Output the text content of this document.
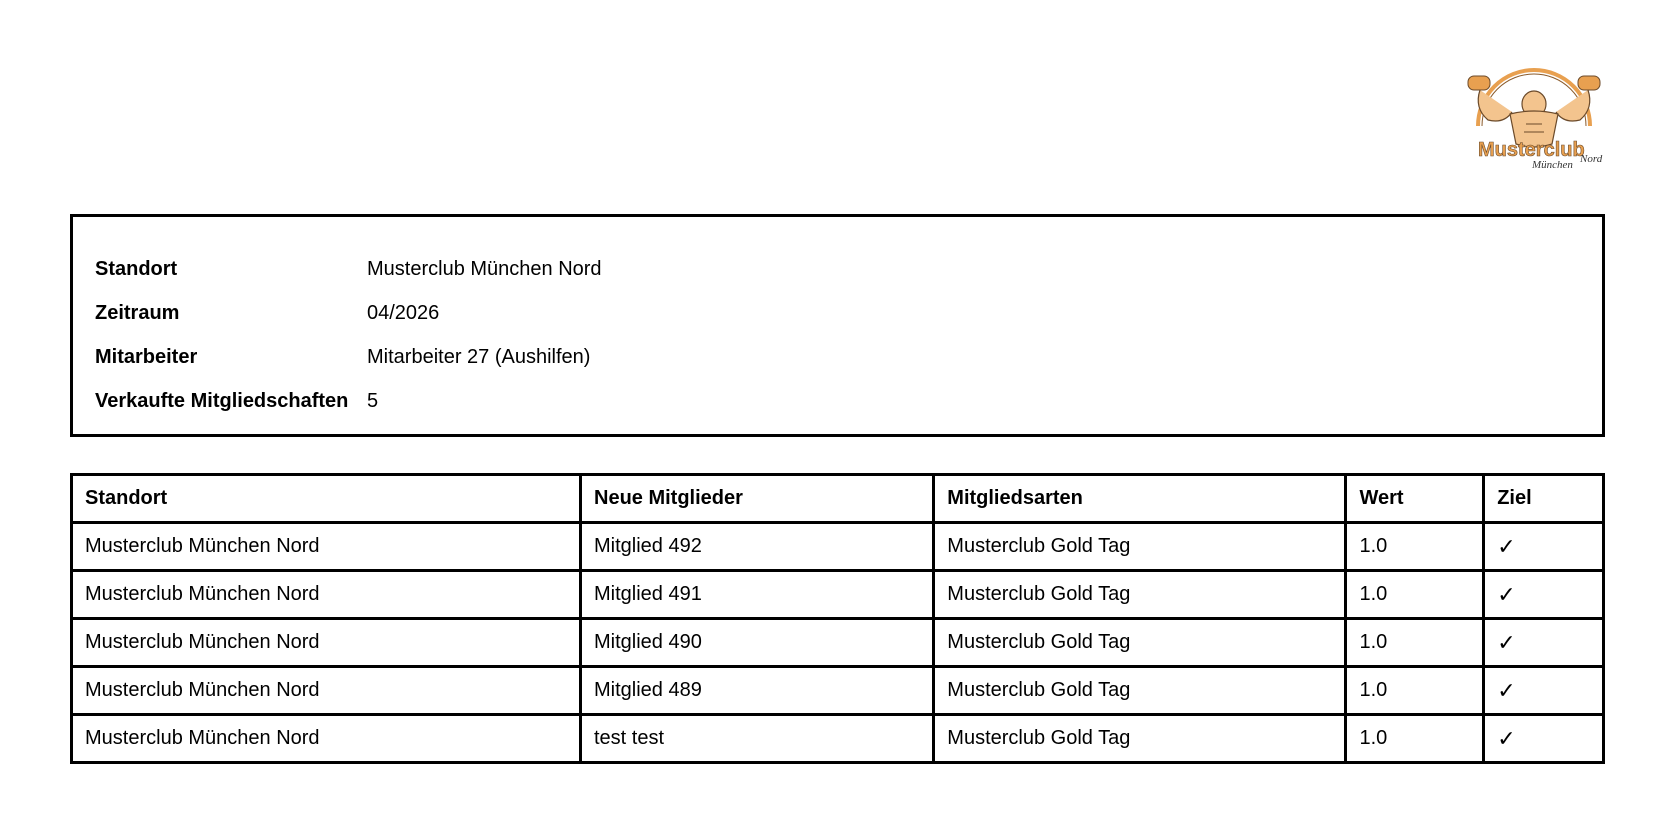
Musterclub
München Nord
Standort	Musterclub München Nord
Zeitraum	04/2026
Mitarbeiter	Mitarbeiter 27 (Aushilfen)
Verkaufte Mitgliedschaften 5
Standort	Neue Mitglieder	Mitgliedsarten	Wert	Ziel
Musterclub München Nord	Mitglied 492	Musterclub Gold Tag	1.0	✓
Musterclub München Nord	Mitglied 491	Musterclub Gold Tag	1.0	✓
Musterclub München Nord	Mitglied 490	Musterclub Gold Tag	1.0	✓
Musterclub München Nord	Mitglied 489	Musterclub Gold Tag	1.0	✓
Musterclub München Nord	test test	Musterclub Gold Tag	1.0	✓
